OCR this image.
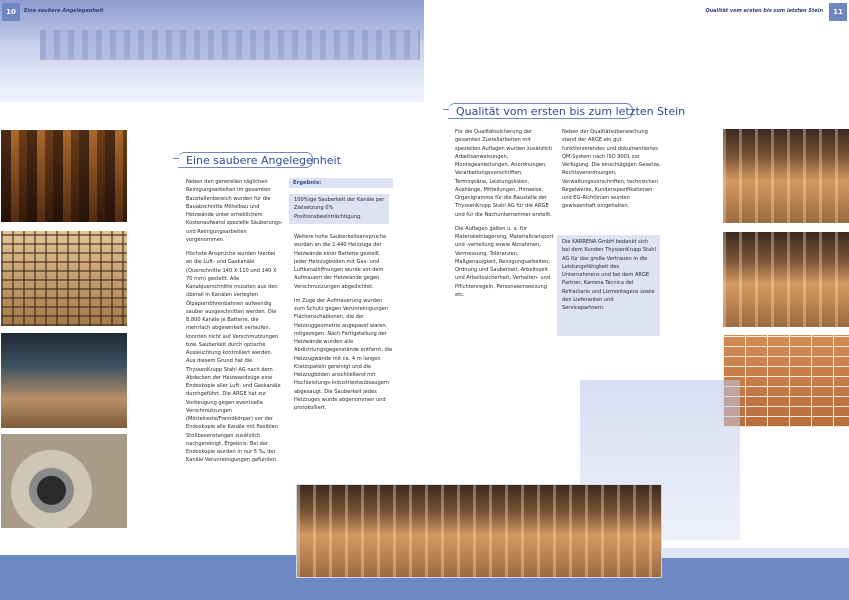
10	Eine saubere Angelegenheit	Qualität vom ersten bis zum letzten Stein	11
Eine saubere Angelegenheit

Neben den generellen täglichen Reinigungsarbeiten im gesamten Baustellenbereich wurden für die Bauabschnitte Mittelbau und Heizwände unter erheblichem Kostenaufwand spezielle Säuberungs- und Reinigungsarbeiten vorgenommen.

Höchste Ansprüche wurden hierbei an die Luft- und Gaskanäle (Querschnitte 140 X 110 und 140 X 70 mm) gestellt. Alle Kanalquerschnitte mussten aus den überall in Kanälen verlegten Ölpapierröhrenbahnen aufwendig sauber ausgeschnitten werden. Die 8.800 Kanäle je Batterie, die mehrfach abgewinkelt verlaufen, konnten nicht auf Verschmutzungen bzw. Sauberkeit durch optische Ausleuchtung kontrolliert werden. Aus diesem Grund hat die ThyssenKrupp Stahl AG nach dem Abdecken der Heizwandzüge eine Endoskopie aller Luft- und Gaskanäle durchgeführt. Die ARGE hat zur Vorbeugung gegen eventuelle Verschmutzungen (Mörtelreste/Fremdkörper) vor der Endoskopie alle Kanäle mit flexiblen Stoßbesenstangen zusätzlich nachgereinigt. Ergebnis: Bei der Endoskopie wurden in nur 5 ‰ der Kanäle Verunreinigungen gefunden.

Ergebnis:
100%ige Sauberkeit der Kanäle per Zielsetzung 0% Positionsbeeinträchtigung.

Weitere hohe Sauberkeitsansprüche wurden an die 2.440 Heizzüge der Heizwände einer Batterie gestellt. Jeder Heizzugboden mit Gas- und Luftkanalöffnungen wurde vor dem Aufmauern der Heizwände gegen Verschmutzungen abgedichtet.

Im Zuge der Aufmauerung wurden zum Schutz gegen Verunreinigungen Flächenschablonen, die der Heizzuggeometrie angepasst waren, mitgezogen. Nach Fertigstellung der Heizwände wurden alle Abdichtungsgegenstände entfernt, die Heizzugwände mit ca. 4 m langen Kratzspateln gereinigt und die Heizzugböden anschließend mit Hochleistungs-Industriestaubsaugern abgesaugt. Die Sauberkeit jedes Heizzuges wurde abgenommen und protokolliert.

Qualität vom ersten bis zum letzten Stein

Für die Qualitätssicherung der gesamten Zustellarbeiten mit speziellen Auflagen wurden zusätzlich Arbeitsanweisungen, Montageanleitungen, Anordnungen, Verarbeitungsvorschriften, Terminpläne, Leistungslisten, Aushänge, Mitteilungen, Hinweise, Organigramme für die Baustelle der ThyssenKrupp Stahl AG für die ARGE und für die Nachunternehmer erstellt.

Die Auflagen galten u. a. für Materialeinlagerung, Materialtransport und -verteilung sowie Abnahmen, Vermessung, Toleranzen, Maßgenauigkeit, Reinigungsarbeiten, Ordnung und Sauberkeit, Arbeitszeit und Arbeitssicherheit, Verhalten- und Pflichtenregeln, Personaleinweisung etc.

Neben der Qualitätsüberwachung stand der ARGE ein gut funktionierendes und dokumentiertes QM-System nach ISO 9001 zur Verfügung. Die einschlägigen Gesetze, Rechtsverordnungen, Verwaltungsvorschriften, technischen Regelwerke, Kundenspezifikationen und EG-Richtlinien wurden gewissenhaft eingehalten.

Die KARRENA GmbH bedankt sich bei dem Kunden ThyssenKrupp Stahl AG für das große Vertrauen in die Leistungsfähigkeit des Unternehmens und bei dem ARGE Partner, Karrena Técnica del Refractario und Lizmontagens sowie den Lieferanten und Servicepartnern.
